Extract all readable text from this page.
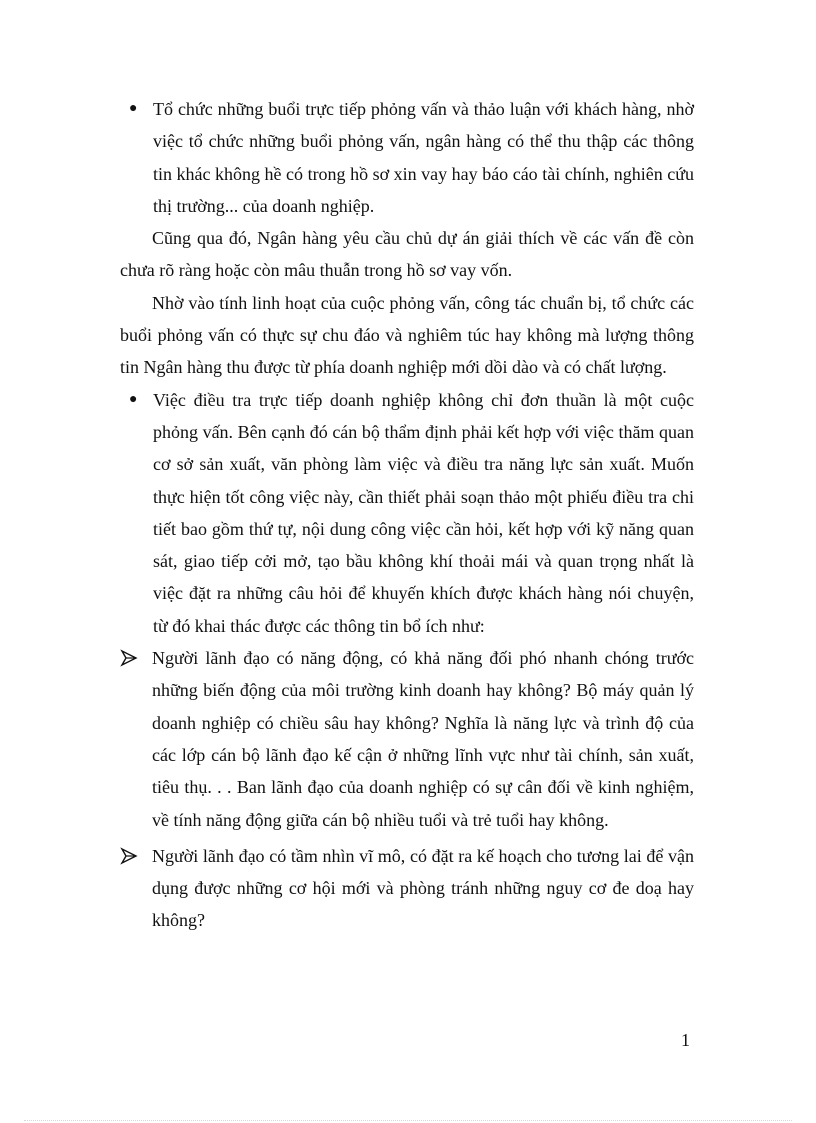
● Tổ chức những buổi trực tiếp phỏng vấn và thảo luận với khách hàng, nhờ việc tổ chức những buổi phỏng vấn, ngân hàng có thể thu thập các thông tin khác không hề có trong hồ sơ xin vay hay báo cáo tài chính, nghiên cứu thị trường... của doanh nghiệp.

Cũng qua đó, Ngân hàng yêu cầu chủ dự án giải thích về các vấn đề còn chưa rõ ràng hoặc còn mâu thuẫn trong hồ sơ vay vốn.

Nhờ vào tính linh hoạt của cuộc phỏng vấn, công tác chuẩn bị, tổ chức các buổi phỏng vấn có thực sự chu đáo và nghiêm túc hay không mà lượng thông tin Ngân hàng thu được từ phía doanh nghiệp mới dồi dào và có chất lượng.

● Việc điều tra trực tiếp doanh nghiệp không chỉ đơn thuần là một cuộc phỏng vấn. Bên cạnh đó cán bộ thẩm định phải kết hợp với việc thăm quan cơ sở sản xuất, văn phòng làm việc và điều tra năng lực sản xuất. Muốn thực hiện tốt công việc này, cần thiết phải soạn thảo một phiếu điều tra chi tiết bao gồm thứ tự, nội dung công việc cần hỏi, kết hợp với kỹ năng quan sát, giao tiếp cởi mở, tạo bầu không khí thoải mái và quan trọng nhất là việc đặt ra những câu hỏi để khuyến khích được khách hàng nói chuyện, từ đó khai thác được các thông tin bổ ích như:
Người lãnh đạo có năng động, có khả năng đối phó nhanh chóng trước những biến động của môi trường kinh doanh hay không? Bộ máy quản lý doanh nghiệp có chiều sâu hay không? Nghĩa là năng lực và trình độ của các lớp cán bộ lãnh đạo kế cận ở những lĩnh vực như tài chính, sản xuất, tiêu thụ. . . Ban lãnh đạo của doanh nghiệp có sự cân đối về kinh nghiệm, về tính năng động giữa cán bộ nhiều tuổi và trẻ tuổi hay không.
Người lãnh đạo có tầm nhìn vĩ mô, có đặt ra kế hoạch cho tương lai để vận dụng được những cơ hội mới và phòng tránh những nguy cơ đe doạ hay không?
1
